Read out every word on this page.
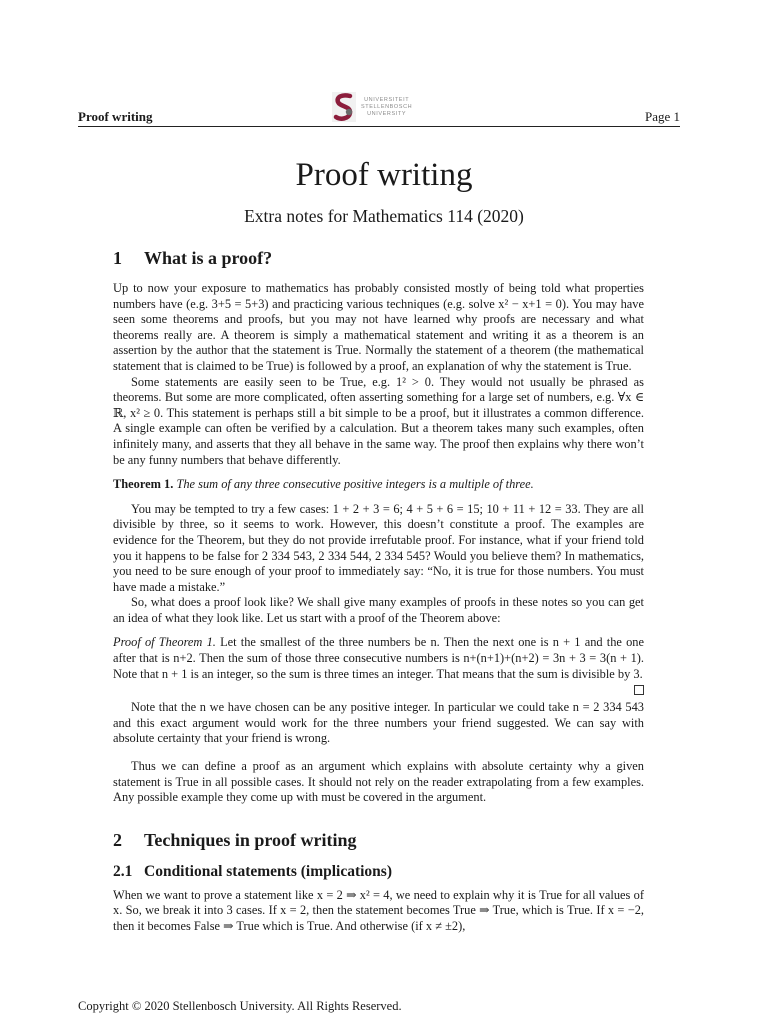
Proof writing
UNIVERSITEIT
STELLENBOSCH
UNIVERSITY	Page 1
Proof writing
Extra notes for Mathematics 114 (2020)
1 What is a proof?

Up to now your exposure to mathematics has probably consisted mostly of being told what properties numbers have (e.g. 3+5 = 5+3) and practicing various techniques (e.g. solve x² − x+1 = 0). You may have seen some theorems and proofs, but you may not have learned why proofs are necessary and what theorems really are. A theorem is simply a mathematical statement and writing it as a theorem is an assertion by the author that the statement is True. Normally the statement of a theorem (the mathematical statement that is claimed to be True) is followed by a proof, an explanation of why the statement is True.

Some statements are easily seen to be True, e.g. 1² > 0. They would not usually be phrased as theorems. But some are more complicated, often asserting something for a large set of numbers, e.g. ∀x ∈ ℝ, x² ≥ 0. This statement is perhaps still a bit simple to be a proof, but it illustrates a common difference. A single example can often be verified by a calculation. But a theorem takes many such examples, often infinitely many, and asserts that they all behave in the same way. The proof then explains why there won’t be any funny numbers that behave differently.

Theorem 1. The sum of any three consecutive positive integers is a multiple of three.

You may be tempted to try a few cases: 1 + 2 + 3 = 6; 4 + 5 + 6 = 15; 10 + 11 + 12 = 33. They are all divisible by three, so it seems to work. However, this doesn’t constitute a proof. The examples are evidence for the Theorem, but they do not provide irrefutable proof. For instance, what if your friend told you it happens to be false for 2 334 543, 2 334 544, 2 334 545? Would you believe them? In mathematics, you need to be sure enough of your proof to immediately say: “No, it is true for those numbers. You must have made a mistake.”

So, what does a proof look like? We shall give many examples of proofs in these notes so you can get an idea of what they look like. Let us start with a proof of the Theorem above:

Proof of Theorem 1. Let the smallest of the three numbers be n. Then the next one is n + 1 and the one after that is n+2. Then the sum of those three consecutive numbers is n+(n+1)+(n+2) = 3n + 3 = 3(n + 1). Note that n + 1 is an integer, so the sum is three times an integer. That means that the sum is divisible by 3.

Note that the n we have chosen can be any positive integer. In particular we could take n = 2 334 543 and this exact argument would work for the three numbers your friend suggested. We can say with absolute certainty that your friend is wrong.

Thus we can define a proof as an argument which explains with absolute certainty why a given statement is True in all possible cases. It should not rely on the reader extrapolating from a few examples. Any possible example they come up with must be covered in the argument.

2 Techniques in proof writing
2.1 Conditional statements (implications)

When we want to prove a statement like x = 2 ⇒ x² = 4, we need to explain why it is True for all values of x. So, we break it into 3 cases. If x = 2, then the statement becomes True ⇒ True, which is True. If x = −2, then it becomes False ⇒ True which is True. And otherwise (if x ≠ ±2),

Copyright © 2020 Stellenbosch University. All Rights Reserved.
